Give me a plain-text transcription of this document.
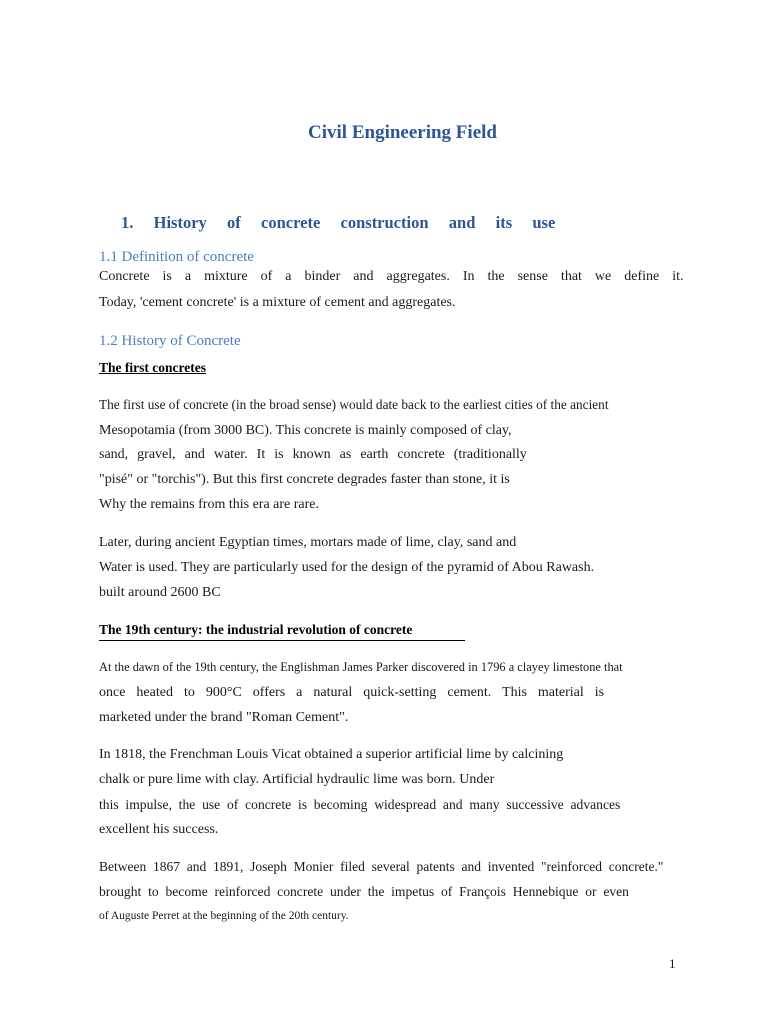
Civil Engineering Field
1.  History  of  concrete  construction  and  its  use
1.1 Definition of concrete
Concrete  is  a  mixture  of  a  binder  and  aggregates.  In  the  sense  that  we  define  it.
Today, 'cement concrete' is a mixture of cement and aggregates.
1.2 History of Concrete
The first concretes
The first use of concrete (in the broad sense) would date back to the earliest cities of the ancient
Mesopotamia (from 3000 BC). This concrete is mainly composed of clay,
sand,  gravel,  and  water.  It  is  known  as  earth  concrete  (traditionally
"pisé" or "torchis"). But this first concrete degrades faster than stone, it is
Why the remains from this era are rare.
Later, during ancient Egyptian times, mortars made of lime, clay, sand and
Water is used. They are particularly used for the design of the pyramid of Abou Rawash.
built around 2600 BC
The 19th century: the industrial revolution of concrete
At the dawn of the 19th century, the Englishman James Parker discovered in 1796 a clayey limestone that
once  heated  to  900°C  offers  a  natural  quick-setting  cement.  This  material  is
marketed under the brand "Roman Cement".
In 1818, the Frenchman Louis Vicat obtained a superior artificial lime by calcining
chalk or pure lime with clay. Artificial hydraulic lime was born. Under
this  impulse,  the  use  of  concrete  is  becoming  widespread  and  many  successive  advances
excellent his success.
Between  1867  and  1891,  Joseph  Monier  filed  several  patents  and  invented  "reinforced  concrete."
brought  to  become  reinforced  concrete  under  the  impetus  of  François  Hennebique  or  even
of Auguste Perret at the beginning of the 20th century.
1
